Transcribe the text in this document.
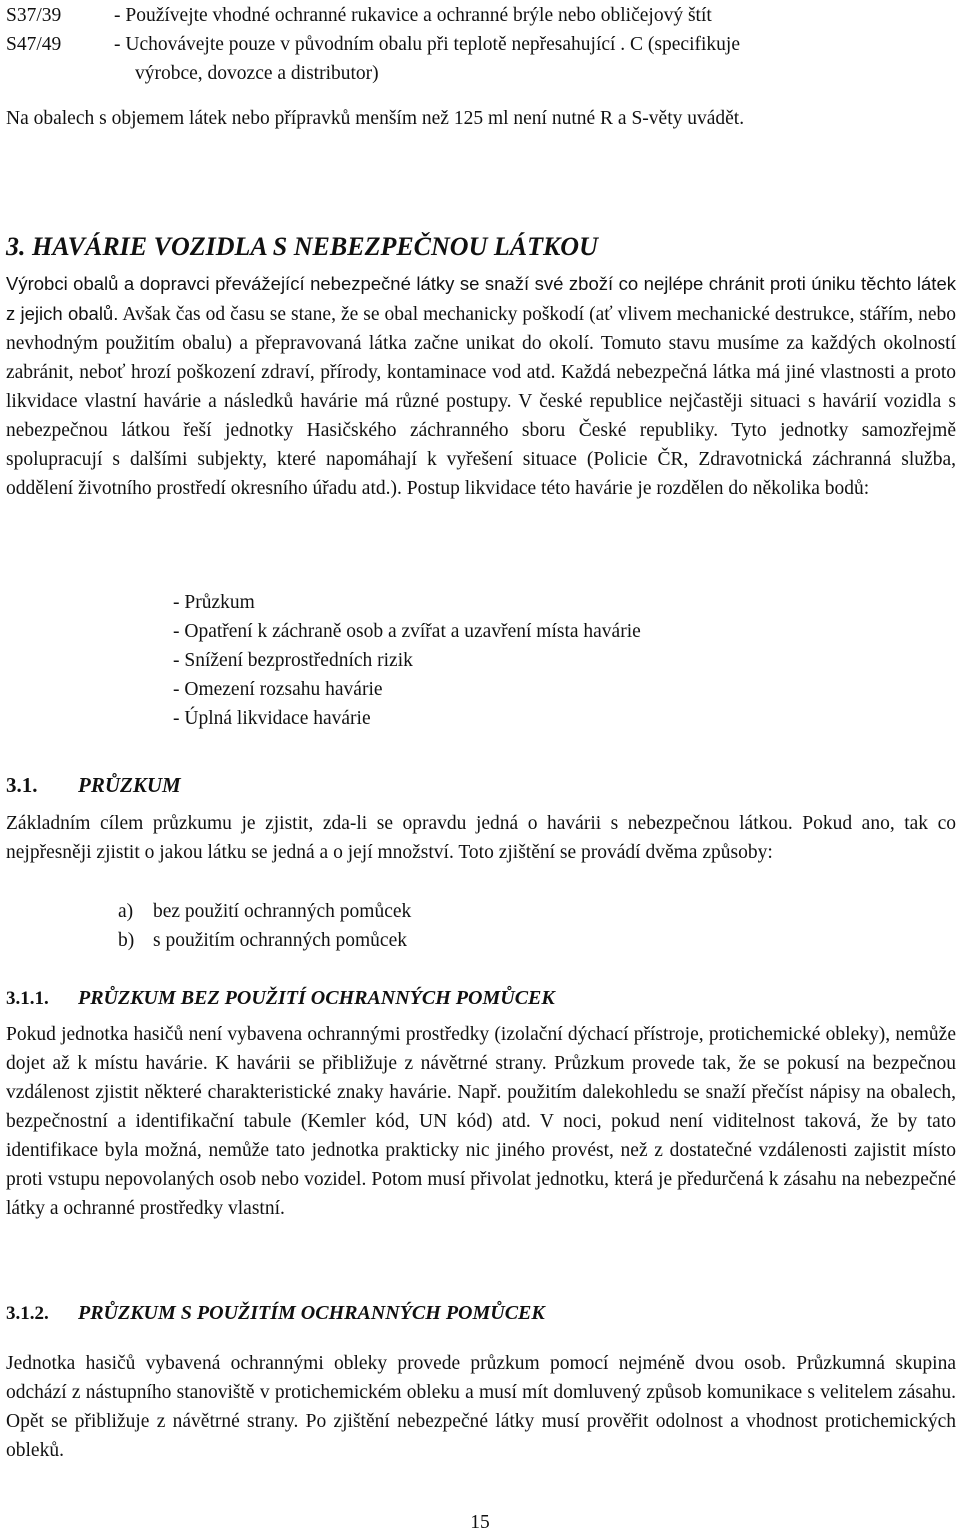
S37/39	- Používejte vhodné ochranné rukavice a ochranné brýle nebo obličejový štít
S47/49	- Uchovávejte pouze v původním obalu při teplotě nepřesahující . C (specifikuje
výrobce, dovozce a distributor)
Na obalech s objemem látek nebo přípravků menším než 125 ml není nutné R a S-věty uvádět.
3. HAVÁRIE VOZIDLA S NEBEZPEČNOU LÁTKOU
Výrobci obalů a dopravci převážející nebezpečné látky se snaží své zboží co nejlépe chránit proti úniku těchto látek z jejich obalů. Avšak čas od času se stane, že se obal mechanicky poškodí (ať vlivem mechanické destrukce, stářím, nebo nevhodným použitím obalu) a přepravovaná látka začne unikat do okolí. Tomuto stavu musíme za každých okolností zabránit, neboť hrozí poškození zdraví, přírody, kontaminace vod atd. Každá nebezpečná látka má jiné vlastnosti a proto likvidace vlastní havárie a následků havárie má různé postupy. V české republice nejčastěji situaci s havárií vozidla s nebezpečnou látkou řeší jednotky Hasičského záchranného sboru České republiky. Tyto jednotky samozřejmě spolupracují s dalšími subjekty, které napomáhají k vyřešení situace (Policie ČR, Zdravotnická záchranná služba, oddělení životního prostředí okresního úřadu atd.). Postup likvidace této havárie je rozdělen do několika bodů:
- Průzkum
- Opatření k záchraně osob a zvířat a uzavření místa havárie
- Snížení bezprostředních rizik
- Omezení rozsahu havárie
- Úplná likvidace havárie
3.1. PRŮZKUM
Základním cílem průzkumu je zjistit, zda-li se opravdu jedná o havárii s nebezpečnou látkou. Pokud ano, tak co nejpřesněji zjistit o jakou látku se jedná a o její množství. Toto zjištění se provádí dvěma způsoby:
a) bez použití ochranných pomůcek
b) s použitím ochranných pomůcek
3.1.1. PRŮZKUM BEZ POUŽITÍ OCHRANNÝCH POMŮCEK
Pokud jednotka hasičů není vybavena ochrannými prostředky (izolační dýchací přístroje, protichemické obleky), nemůže dojet až k místu havárie. K havárii se přibližuje z návětrné strany. Průzkum provede tak, že se pokusí na bezpečnou vzdálenost zjistit některé charakteristické znaky havárie. Např. použitím dalekohledu se snaží přečíst nápisy na obalech, bezpečnostní a identifikační tabule (Kemler kód, UN kód) atd. V noci, pokud není viditelnost taková, že by tato identifikace byla možná, nemůže tato jednotka prakticky nic jiného provést, než z dostatečné vzdálenosti zajistit místo proti vstupu nepovolaných osob nebo vozidel. Potom musí přivolat jednotku, která je předurčená k zásahu na nebezpečné látky a ochranné prostředky vlastní.
3.1.2. PRŮZKUM S POUŽITÍM OCHRANNÝCH POMŮCEK
Jednotka hasičů vybavená ochrannými obleky provede průzkum pomocí nejméně dvou osob. Průzkumná skupina odchází z nástupního stanoviště v protichemickém obleku a musí mít domluvený způsob komunikace s velitelem zásahu. Opět se přibližuje z návětrné strany. Po zjištění nebezpečné látky musí prověřit odolnost a vhodnost protichemických obleků.
15
